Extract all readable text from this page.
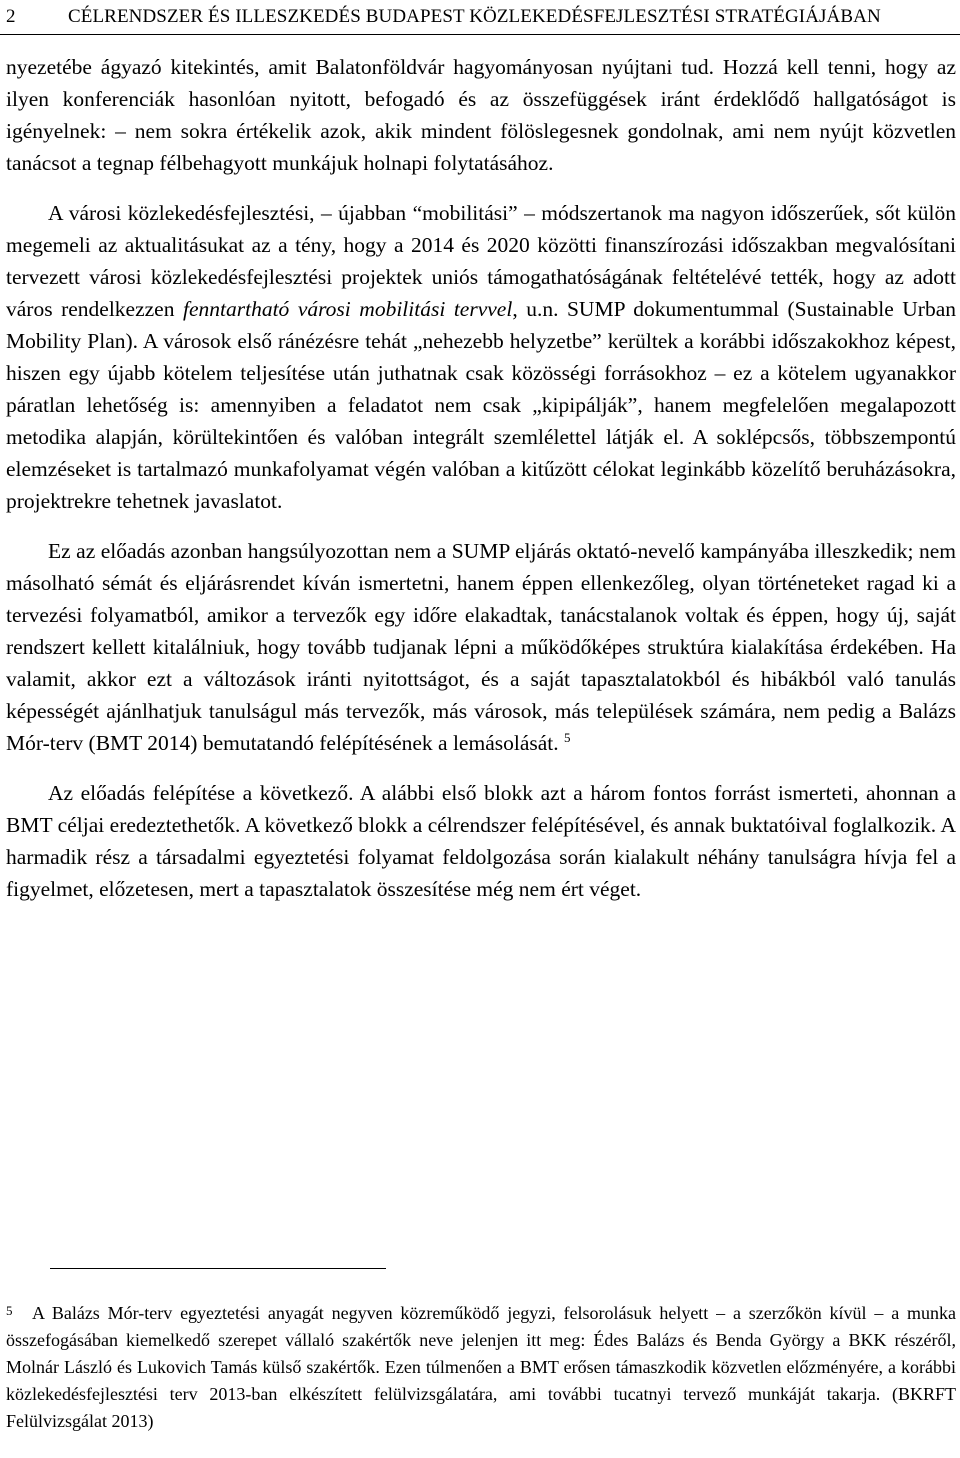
2	CÉLRENDSZER ÉS ILLESZKEDÉS BUDAPEST KÖZLEKEDÉSFEJLESZTÉSI STRATÉGIÁJÁBAN

nyezetébe ágyazó kitekintés, amit Balatonföldvár hagyományosan nyújtani tud. Hozzá kell tenni, hogy az ilyen konferenciák hasonlóan nyitott, befogadó és az összefüggések iránt érdeklődő hallgatóságot is igényelnek: – nem sokra értékelik azok, akik mindent fölöslegesnek gondolnak, ami nem nyújt közvetlen tanácsot a tegnap félbehagyott munkájuk holnapi folytatásához.

A városi közlekedésfejlesztési, – újabban “mobilitási” – módszertanok ma nagyon időszerűek, sőt külön megemeli az aktualitásukat az a tény, hogy a 2014 és 2020 közötti finanszírozási időszakban megvalósítani tervezett városi közlekedésfejlesztési projektek uniós támogathatóságának feltételévé tették, hogy az adott város rendelkezzen fenntartható városi mobilitási tervvel, u.n. SUMP dokumentummal (Sustainable Urban Mobility Plan). A városok első ránézésre tehát „nehezebb helyzetbe” kerültek a korábbi időszakokhoz képest, hiszen egy újabb kötelem teljesítése után juthatnak csak közösségi forrásokhoz – ez a kötelem ugyanakkor páratlan lehetőség is: amennyiben a feladatot nem csak „kipipálják”, hanem megfelelően megalapozott metodika alapján, körültekintően és valóban integrált szemlélettel látják el. A soklépcsős, többszempontú elemzéseket is tartalmazó munkafolyamat végén valóban a kitűzött célokat leginkább közelítő beruházásokra, projektrekre tehetnek javaslatot.

Ez az előadás azonban hangsúlyozottan nem a SUMP eljárás oktató-nevelő kampányába illeszkedik; nem másolható sémát és eljárásrendet kíván ismertetni, hanem éppen ellenkezőleg, olyan történeteket ragad ki a tervezési folyamatból, amikor a tervezők egy időre elakadtak, tanácstalanok voltak és éppen, hogy új, saját rendszert kellett kitalálniuk, hogy tovább tudjanak lépni a működőképes struktúra kialakítása érdekében. Ha valamit, akkor ezt a változások iránti nyitottságot, és a saját tapasztalatokból és hibákból való tanulás képességét ajánlhatjuk tanulságul más tervezők, más városok, más települések számára, nem pedig a Balázs Mór-terv (BMT 2014) bemutatandó felépítésének a lemásolását. $^5$

Az előadás felépítése a következő. A alábbi első blokk azt a három fontos forrást ismerteti, ahonnan a BMT céljai eredeztethetők. A következő blokk a célrendszer felépítésével, és annak buktatóival foglalkozik. A harmadik rész a társadalmi egyeztetési folyamat feldolgozása során kialakult néhány tanulságra hívja fel a figyelmet, előzetesen, mert a tapasztalatok összesítése még nem ért véget.

5 A Balázs Mór-terv egyeztetési anyagát negyven közreműködő jegyzi, felsorolásuk helyett – a szerzőkön kívül – a munka összefogásában kiemelkedő szerepet vállaló szakértők neve jelenjen itt meg: Édes Balázs és Benda György a BKK részéről, Molnár László és Lukovich Tamás külső szakértők. Ezen túlmenően a BMT erősen támaszkodik közvetlen előzményére, a korábbi közlekedésfejlesztési terv 2013-ban elkészített felülvizsgálatára, ami további tucatnyi tervező munkáját takarja. (BKRFT Felülvizsgálat 2013)
